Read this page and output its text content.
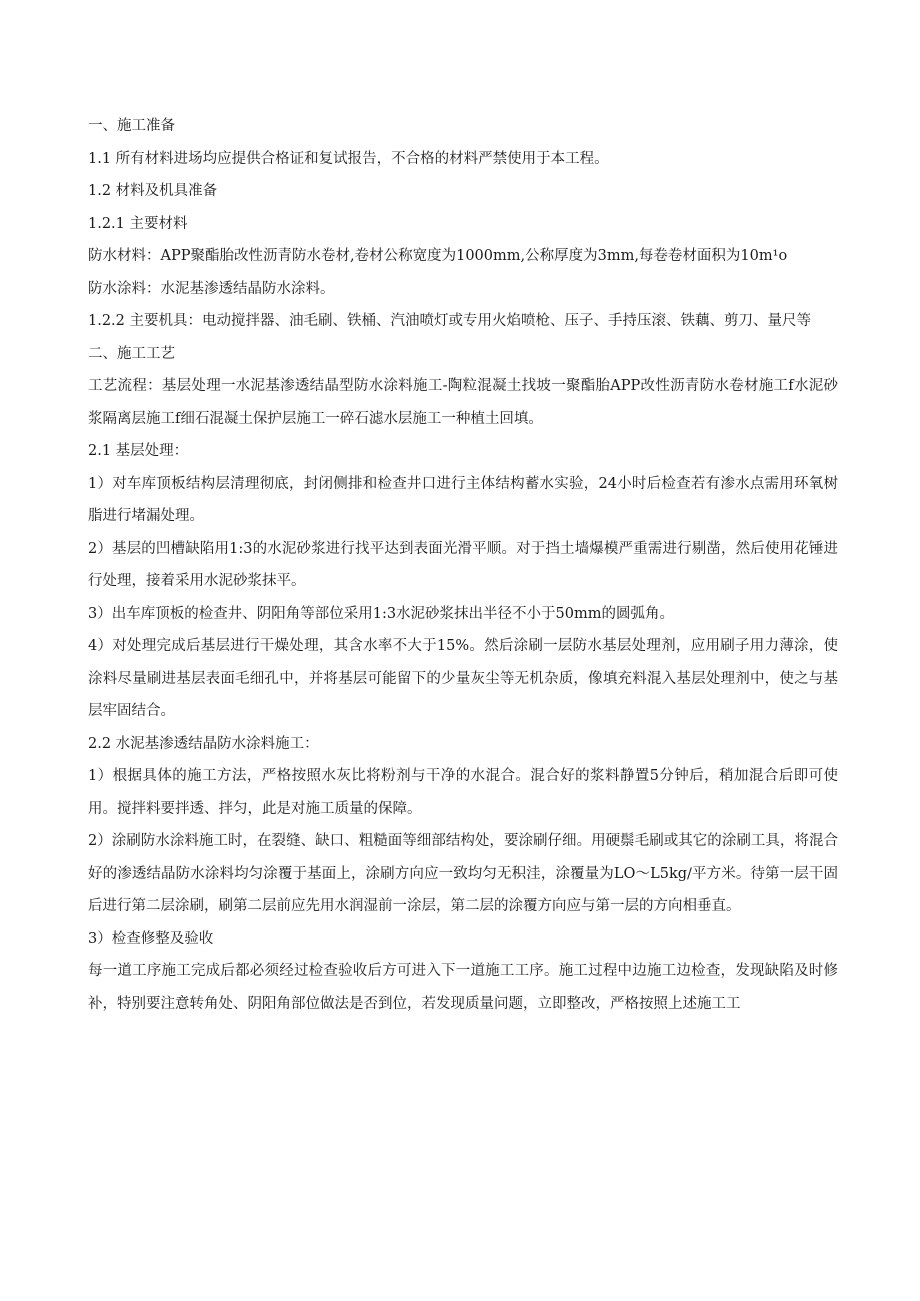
一、施工准备

1.1 所有材料进场均应提供合格证和复试报告，不合格的材料严禁使用于本工程。

1.2 材料及机具准备

1.2.1 主要材料

防水材料：APP聚酯胎改性沥青防水卷材,卷材公称宽度为1000mm,公称厚度为3mm,每卷卷材面积为10m¹o

防水涂料：水泥基渗透结晶防水涂料。

1.2.2 主要机具：电动搅拌器、油毛刷、铁桶、汽油喷灯或专用火焰喷枪、压子、手持压滚、铁藕、剪刀、量尺等

二、施工工艺

工艺流程：基层处理一水泥基渗透结晶型防水涂料施工-陶粒混凝土找坡一聚酯胎APP改性沥青防水卷材施工f水泥砂浆隔离层施工f细石混凝土保护层施工一碎石滤水层施工一种植土回填。

2.1 基层处理：

1）对车库顶板结构层清理彻底，封闭侧排和检查井口进行主体结构蓄水实验，24小时后检查若有渗水点需用环氧树脂进行堵漏处理。

2）基层的凹槽缺陷用1:3的水泥砂浆进行找平达到表面光滑平顺。对于挡土墙爆模严重需进行剔凿，然后使用花锤进行处理，接着采用水泥砂浆抹平。

3）出车库顶板的检查井、阴阳角等部位采用1:3水泥砂浆抹出半径不小于50mm的圆弧角。

4）对处理完成后基层进行干燥处理，其含水率不大于15%。然后涂刷一层防水基层处理剂，应用刷子用力薄涂，使涂料尽量刷进基层表面毛细孔中，并将基层可能留下的少量灰尘等无机杂质，像填充料混入基层处理剂中，使之与基层牢固结合。

2.2 水泥基渗透结晶防水涂料施工：

1）根据具体的施工方法，严格按照水灰比将粉剂与干净的水混合。混合好的浆料静置5分钟后，稍加混合后即可使用。搅拌料要拌透、拌匀，此是对施工质量的保障。

2）涂刷防水涂料施工时，在裂缝、缺口、粗糙面等细部结构处，要涂刷仔细。用硬鬃毛刷或其它的涂刷工具，将混合好的渗透结晶防水涂料均匀涂覆于基面上，涂刷方向应一致均匀无积洼，涂覆量为LO～L5kg∕平方米。待第一层干固后进行第二层涂刷，刷第二层前应先用水润湿前一涂层，第二层的涂覆方向应与第一层的方向相垂直。

3）检查修整及验收

每一道工序施工完成后都必须经过检查验收后方可进入下一道施工工序。施工过程中边施工边检查，发现缺陷及时修补，特别要注意转角处、阴阳角部位做法是否到位，若发现质量问题，立即整改，严格按照上述施工工
